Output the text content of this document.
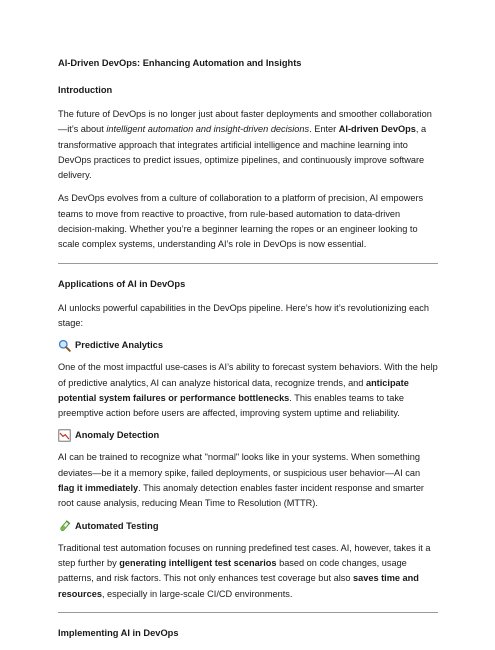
AI-Driven DevOps: Enhancing Automation and Insights
Introduction

The future of DevOps is no longer just about faster deployments and smoother collaboration—it’s about intelligent automation and insight-driven decisions. Enter AI-driven DevOps, a transformative approach that integrates artificial intelligence and machine learning into DevOps practices to predict issues, optimize pipelines, and continuously improve software delivery.

As DevOps evolves from a culture of collaboration to a platform of precision, AI empowers teams to move from reactive to proactive, from rule-based automation to data-driven decision-making. Whether you’re a beginner learning the ropes or an engineer looking to scale complex systems, understanding AI’s role in DevOps is now essential.

Applications of AI in DevOps

AI unlocks powerful capabilities in the DevOps pipeline. Here’s how it’s revolutionizing each stage:

Predictive Analytics

One of the most impactful use-cases is AI’s ability to forecast system behaviors. With the help of predictive analytics, AI can analyze historical data, recognize trends, and anticipate potential system failures or performance bottlenecks. This enables teams to take preemptive action before users are affected, improving system uptime and reliability.

Anomaly Detection

AI can be trained to recognize what "normal" looks like in your systems. When something deviates—be it a memory spike, failed deployments, or suspicious user behavior—AI can flag it immediately. This anomaly detection enables faster incident response and smarter root cause analysis, reducing Mean Time to Resolution (MTTR).

Automated Testing

Traditional test automation focuses on running predefined test cases. AI, however, takes it a step further by generating intelligent test scenarios based on code changes, usage patterns, and risk factors. This not only enhances test coverage but also saves time and resources, especially in large-scale CI/CD environments.

Implementing AI in DevOps
